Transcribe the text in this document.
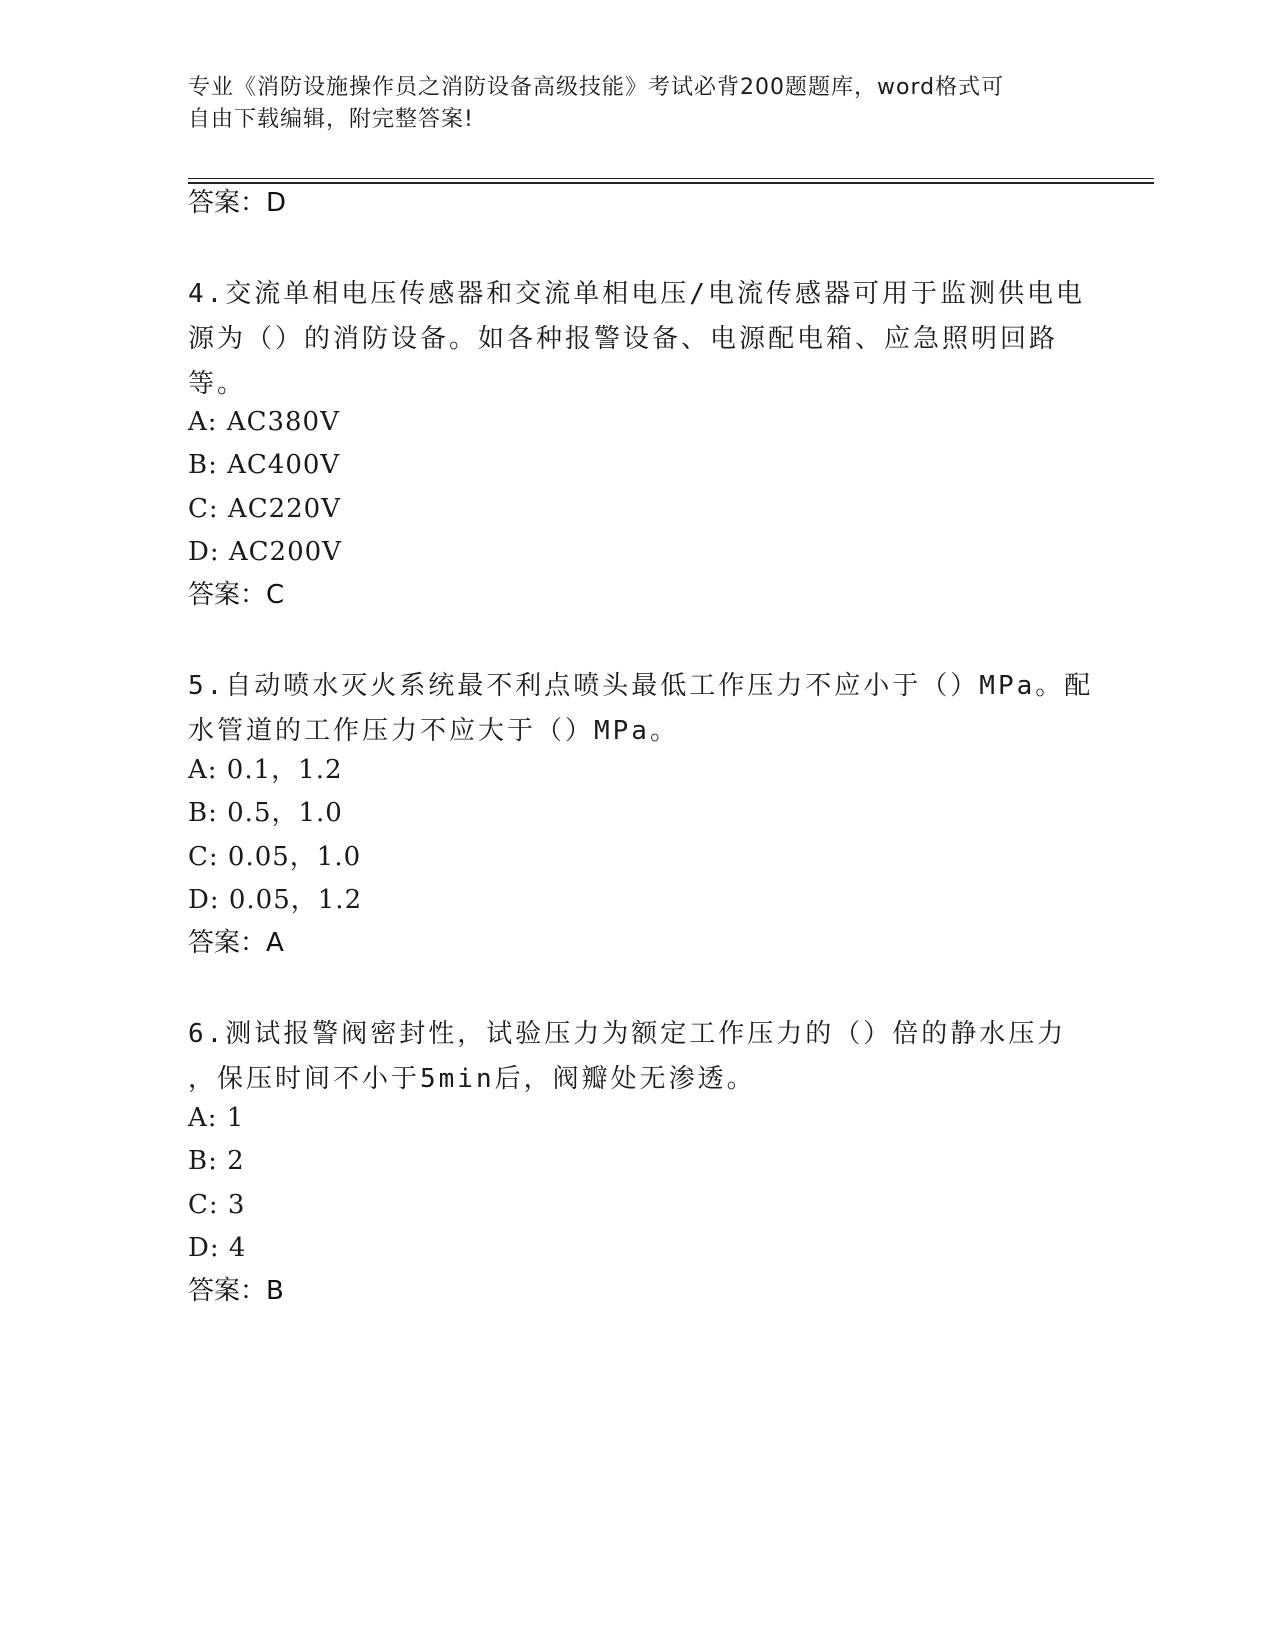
专业《消防设施操作员之消防设备高级技能》考试必背200题题库，word格式可
自由下载编辑，附完整答案!
答案：D
4.交流单相电压传感器和交流单相电压/电流传感器可用于监测供电电
源为（）的消防设备。如各种报警设备、电源配电箱、应急照明回路
等。
A: AC380V
B: AC400V
C: AC220V
D: AC200V
答案：C
5.自动喷水灭火系统最不利点喷头最低工作压力不应小于（）MPa。配
水管道的工作压力不应大于（）MPa。
A: 0.1，1.2
B: 0.5，1.0
C: 0.05，1.0
D: 0.05，1.2
答案：A
6.测试报警阀密封性，试验压力为额定工作压力的（）倍的静水压力
，保压时间不小于5min后，阀瓣处无渗透。
A: 1
B: 2
C: 3
D: 4
答案：B
